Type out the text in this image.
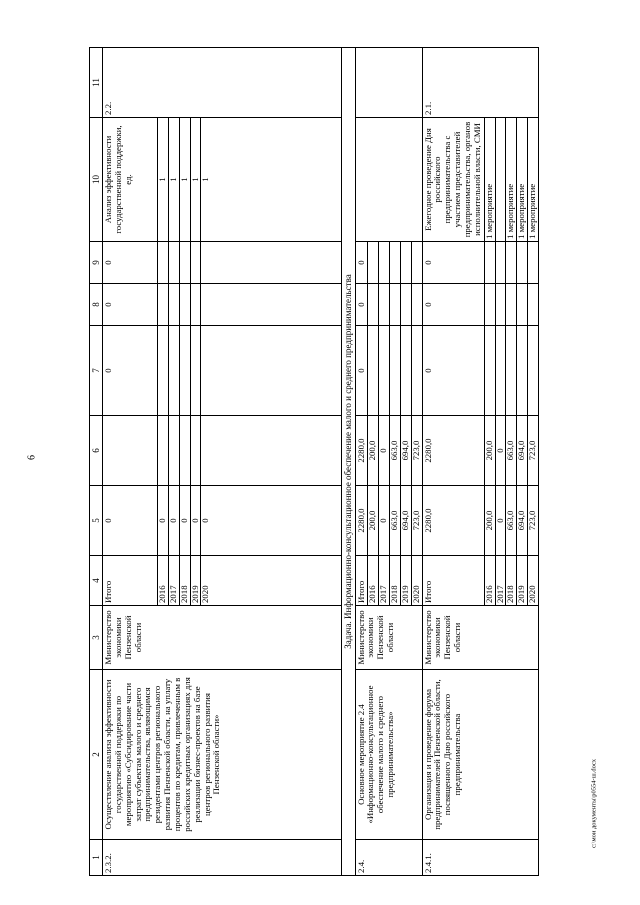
6
c:\мои документы\p0554-ш.docx
1	2	3	4	5	6	7	8	9	10	11
2.3.2.	Осуществление анализа эффективности государственной поддержки по мероприятию «Субсидирование части затрат субъектам малого и среднего предпринимательства, являющимся резидентами центров регионального развития Пензенской области, на уплату процентов по кредитам, привлеченным в российских кредитных организациях для реализации бизнес-проектов на базе центров регионального развития Пензенской области»	Министерство экономики Пензенской области	Итого	0		0	0	0	Анализ эффективности государственной поддержки, ед.	2.2.
			2016	0					1	
			2017	0					1	
			2018	0					1	
			2019	0					1	
			2020	0					1	
Задача. Информационно-консультационное обеспечение малого и среднего предпринимательства										
2.4.	Основное мероприятие 2.4 «Информационно-консультационное обеспечение малого и среднего предпринимательства»	Министерство экономики Пензенской области	Итого	2280,0	2280,0	0	0	0		
			2016	200,0	200,0					
			2017	0	0					
			2018	663,0	663,0					
			2019	694,0	694,0					
			2020	723,0	723,0					
2.4.1.	Организация и проведение форума предпринимателей Пензенской области, посвященного Дню российского предпринимательства	Министерство экономики Пензенской области	Итого	2280,0	2280,0	0	0	0	Ежегодное проведение Дня российского предпринимательства с участием представителей предпринимательства, органов исполнительной власти, СМИ	2.1.
			2016	200,0	200,0				1 мероприятие	
			2017	0	0					
			2018	663,0	663,0				1 мероприятие	
			2019	694,0	694,0				1 мероприятие	
			2020	723,0	723,0				1 мероприятие	
